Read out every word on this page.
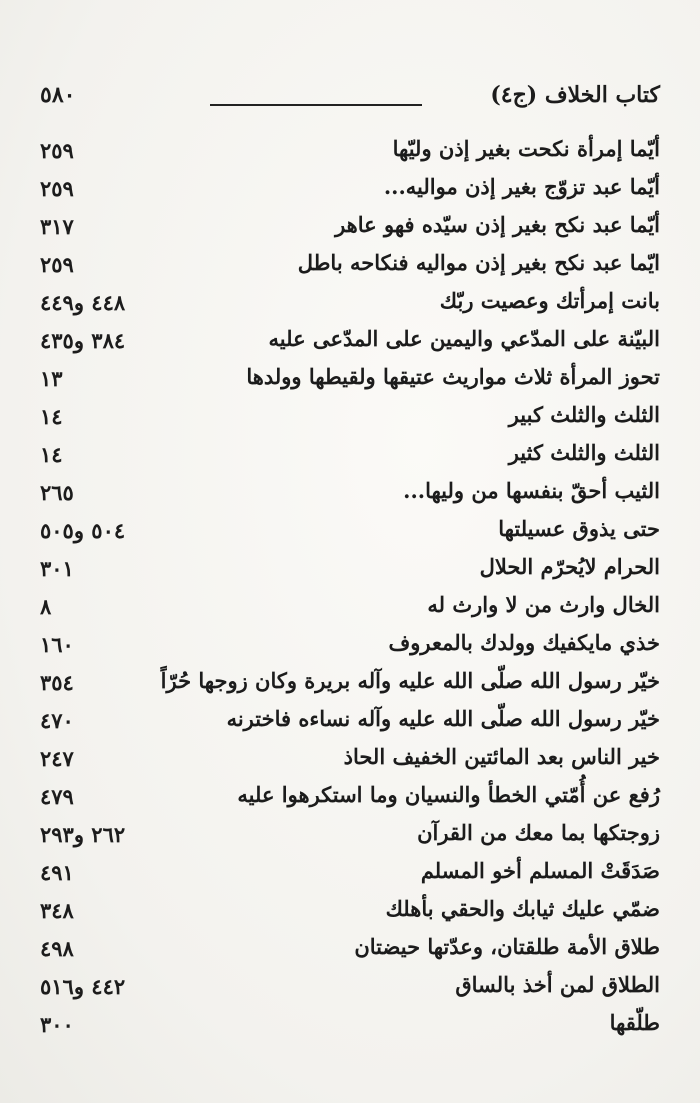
كتاب الخلاف (ج٤)
٥٨٠
أيّما إمرأة نكحت بغير إذن وليّها
٢٥٩
أيّما عبد تزوّج بغير إذن مواليه...
٢٥٩
أيّما عبد نكح بغير إذن سيّده فهو عاهر
٣١٧
ايّما عبد نكح بغير إذن مواليه فنكاحه باطل
٢٥٩
بانت إمرأتك وعصيت ربّك
٤٤٨ و٤٤٩
البيّنة على المدّعي واليمين على المدّعى عليه
٣٨٤ و٤٣٥
تحوز المرأة ثلاث مواريث عتيقها ولقيطها وولدها
١٣
الثلث والثلث كبير
١٤
الثلث والثلث كثير
١٤
الثيب أحقّ بنفسها من وليها...
٢٦٥
حتى يذوق عسيلتها
٥٠٤ و٥٠٥
الحرام لايُحرّم الحلال
٣٠١
الخال وارث من لا وارث له
٨
خذي مايكفيك وولدك بالمعروف
١٦٠
خيّر رسول الله صلّى الله عليه وآله بريرة وكان زوجها حُرّاً
٣٥٤
خيّر رسول الله صلّى الله عليه وآله نساءه فاخترنه
٤٧٠
خير الناس بعد المائتين الخفيف الحاذ
٢٤٧
رُفع عن أُمّتي الخطأ والنسيان وما استكرهوا عليه
٤٧٩
زوجتكها بما معك من القرآن
٢٦٢ و٢٩٣
صَدَقَتْ المسلم أخو المسلم
٤٩١
ضمّي عليك ثيابك والحقي بأهلك
٣٤٨
طلاق الأمة طلقتان، وعدّتها حيضتان
٤٩٨
الطلاق لمن أخذ بالساق
٤٤٢ و٥١٦
طلّقها
٣٠٠
